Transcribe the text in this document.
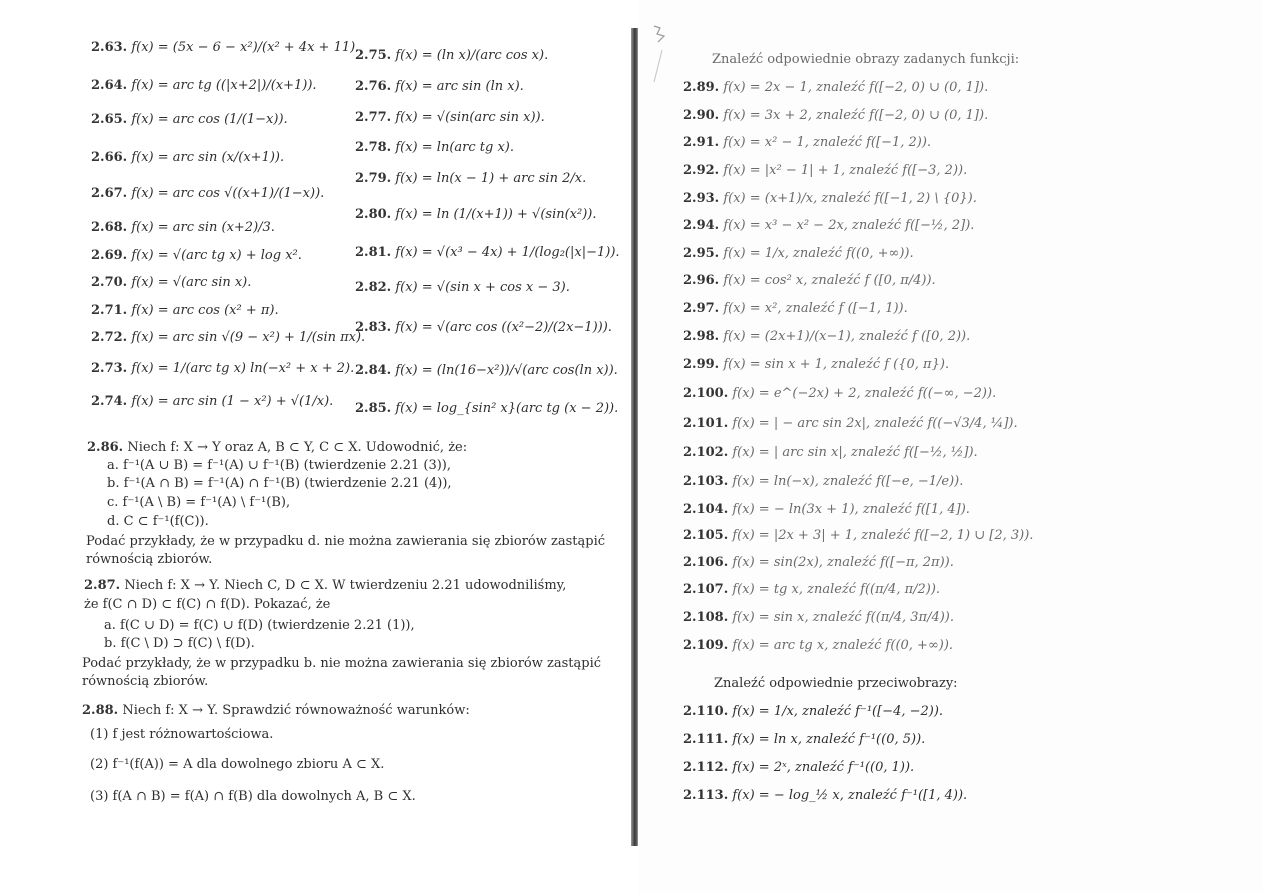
2.63. f(x) = (5x − 6 − x²)/(x² + 4x + 11).
2.64. f(x) = arc tg ((|x+2|)/(x+1)).
2.65. f(x) = arc cos (1/(1−x)).
2.66. f(x) = arc sin (x/(x+1)).
2.67. f(x) = arc cos √((x+1)/(1−x)).
2.68. f(x) = arc sin (x+2)/3.
2.69. f(x) = √(arc tg x) + log x².
2.70. f(x) = √(arc sin x).
2.71. f(x) = arc cos (x² + π).
2.72. f(x) = arc sin √(9 − x²) + 1/(sin πx).
2.73. f(x) = 1/(arc tg x) ln(−x² + x + 2).
2.74. f(x) = arc sin (1 − x²) + √(1/x).
2.75. f(x) = (ln x)/(arc cos x).
2.76. f(x) = arc sin (ln x).
2.77. f(x) = √(sin(arc sin x)).
2.78. f(x) = ln(arc tg x).
2.79. f(x) = ln(x − 1) + arc sin 2/x.
2.80. f(x) = ln (1/(x+1)) + √(sin(x²)).
2.81. f(x) = √(x³ − 4x) + 1/(log₂(|x|−1)).
2.82. f(x) = √(sin x + cos x − 3).
2.83. f(x) = √(arc cos ((x²−2)/(2x−1))).
2.84. f(x) = (ln(16−x²))/√(arc cos(ln x)).
2.85. f(x) = log_{sin² x}(arc tg (x − 2)).
2.86. Niech f: X → Y oraz A, B ⊂ Y, C ⊂ X. Udowodnić, że:
a. f⁻¹(A ∪ B) = f⁻¹(A) ∪ f⁻¹(B) (twierdzenie 2.21 (3)),
b. f⁻¹(A ∩ B) = f⁻¹(A) ∩ f⁻¹(B) (twierdzenie 2.21 (4)),
c. f⁻¹(A \ B) = f⁻¹(A) \ f⁻¹(B),
d. C ⊂ f⁻¹(f(C)).
Podać przykłady, że w przypadku d. nie można zawierania się zbiorów zastąpić
równością zbiorów.
2.87. Niech f: X → Y. Niech C, D ⊂ X. W twierdzeniu 2.21 udowodniliśmy,
że f(C ∩ D) ⊂ f(C) ∩ f(D). Pokazać, że
a. f(C ∪ D) = f(C) ∪ f(D) (twierdzenie 2.21 (1)),
b. f(C \ D) ⊃ f(C) \ f(D).
Podać przykłady, że w przypadku b. nie można zawierania się zbiorów zastąpić
równością zbiorów.
2.88. Niech f: X → Y. Sprawdzić równoważność warunków:
(1) f jest różnowartościowa.
(2) f⁻¹(f(A)) = A dla dowolnego zbioru A ⊂ X.
(3) f(A ∩ B) = f(A) ∩ f(B) dla dowolnych A, B ⊂ X.
Znaleźć odpowiednie obrazy zadanych funkcji:
2.89. f(x) = 2x − 1, znaleźć f([−2, 0) ∪ (0, 1]).
2.90. f(x) = 3x + 2, znaleźć f([−2, 0) ∪ (0, 1]).
2.91. f(x) = x² − 1, znaleźć f([−1, 2)).
2.92. f(x) = |x² − 1| + 1, znaleźć f([−3, 2)).
2.93. f(x) = (x+1)/x, znaleźć f([−1, 2) \ {0}).
2.94. f(x) = x³ − x² − 2x, znaleźć f([−½, 2]).
2.95. f(x) = 1/x, znaleźć f((0, +∞)).
2.96. f(x) = cos² x, znaleźć f ([0, π/4)).
2.97. f(x) = x², znaleźć f ([−1, 1)).
2.98. f(x) = (2x+1)/(x−1), znaleźć f ([0, 2)).
2.99. f(x) = sin x + 1, znaleźć f ({0, π}).
2.100. f(x) = e^(−2x) + 2, znaleźć f((−∞, −2)).
2.101. f(x) = | − arc sin 2x|, znaleźć f((−√3/4, ¼]).
2.102. f(x) = | arc sin x|, znaleźć f([−½, ½]).
2.103. f(x) = ln(−x), znaleźć f([−e, −1/e)).
2.104. f(x) = − ln(3x + 1), znaleźć f([1, 4]).
2.105. f(x) = |2x + 3| + 1, znaleźć f([−2, 1) ∪ [2, 3)).
2.106. f(x) = sin(2x), znaleźć f([−π, 2π)).
2.107. f(x) = tg x, znaleźć f((π/4, π/2)).
2.108. f(x) = sin x, znaleźć f((π/4, 3π/4)).
2.109. f(x) = arc tg x, znaleźć f((0, +∞)).
Znaleźć odpowiednie przeciwobrazy:
2.110. f(x) = 1/x, znaleźć f⁻¹([−4, −2)).
2.111. f(x) = ln x, znaleźć f⁻¹((0, 5)).
2.112. f(x) = 2ˣ, znaleźć f⁻¹((0, 1)).
2.113. f(x) = − log_½ x, znaleźć f⁻¹([1, 4)).
